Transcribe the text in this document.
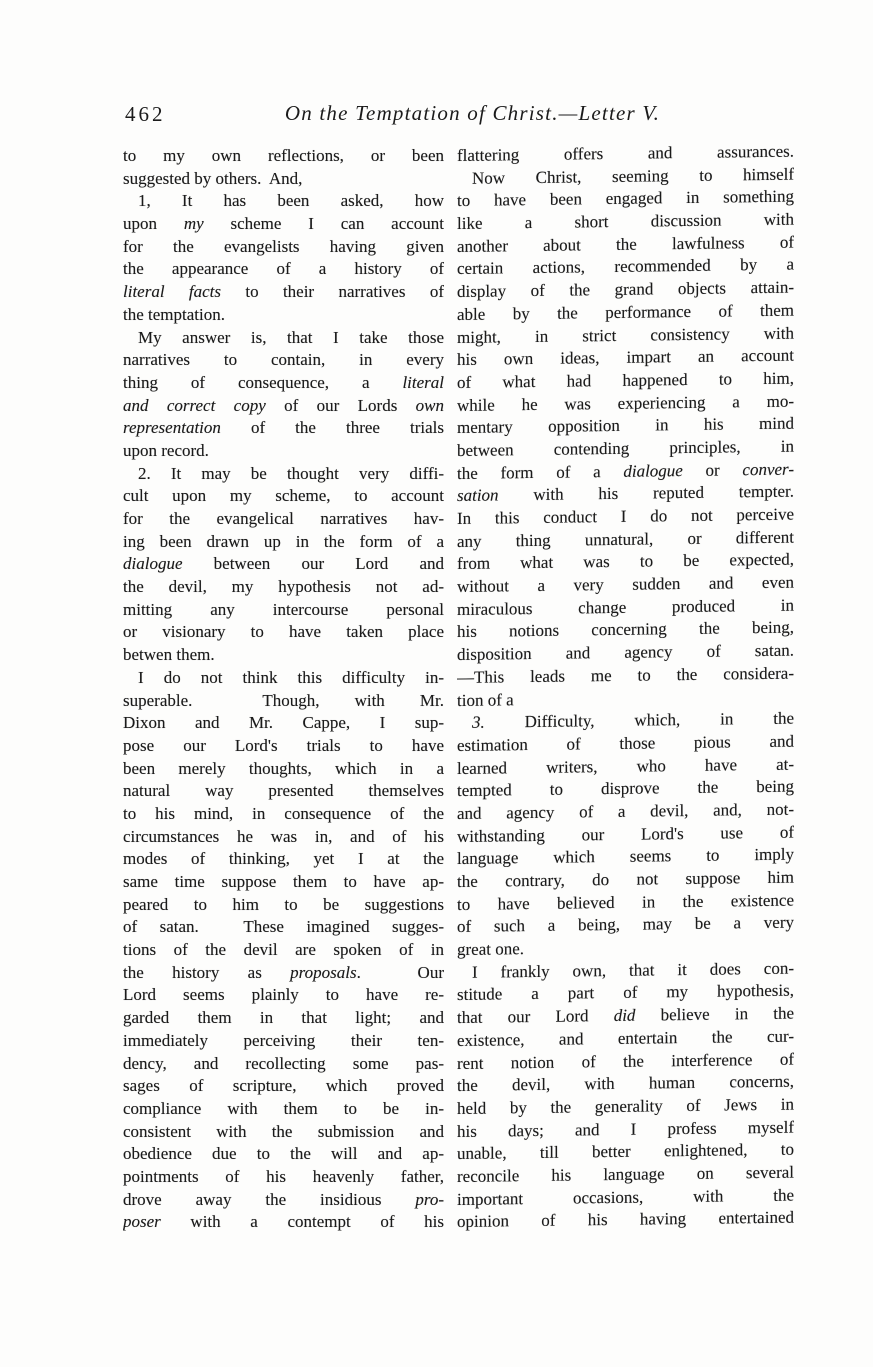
462	On the Temptation of Christ.—Letter V.
to my own reflections, or been
suggested by others.  And,
1, It has been asked, how
upon my scheme I can account
for the evangelists having given
the appearance of a history of
literal facts to their narratives of
the temptation.
My answer is, that I take those
narratives to contain, in every
thing of consequence, a literal
and correct copy of our Lords own
representation of the three trials
upon record.
2. It may be thought very diffi-
cult upon my scheme, to account
for the evangelical narratives hav-
ing been drawn up in the form of a
dialogue between our Lord and
the devil, my hypothesis not ad-
mitting any intercourse personal
or visionary to have taken place
betwen them.
I do not think this difficulty in-
superable.  Though, with Mr.
Dixon and Mr. Cappe, I sup-
pose our Lord's trials to have
been merely thoughts, which in a
natural way presented themselves
to his mind, in consequence of the
circumstances he was in, and of his
modes of thinking, yet I at the
same time suppose them to have ap-
peared to him to be suggestions
of satan.  These imagined sugges-
tions of the devil are spoken of in
the history as proposals.  Our
Lord seems plainly to have re-
garded them in that light; and
immediately perceiving their ten-
dency, and recollecting some pas-
sages of scripture, which proved
compliance with them to be in-
consistent with the submission and
obedience due to the will and ap-
pointments of his heavenly father,
drove away the insidious pro-
poser with a contempt of his
flattering offers and assurances.
Now Christ, seeming to himself
to have been engaged in something
like a short discussion with
another about the lawfulness of
certain actions, recommended by a
display of the grand objects attain-
able by the performance of them
might, in strict consistency with
his own ideas, impart an account
of what had happened to him,
while he was experiencing a mo-
mentary opposition in his mind
between contending principles, in
the form of a dialogue or conver-
sation with his reputed tempter.
In this conduct I do not perceive
any thing unnatural, or different
from what was to be expected,
without a very sudden and even
miraculous change produced in
his notions concerning the being,
disposition and agency of satan.
—This leads me to the considera-
tion of a
3. Difficulty, which, in the
estimation of those pious and
learned writers, who have at-
tempted to disprove the being
and agency of a devil, and, not-
withstanding our Lord's use of
language which seems to imply
the contrary, do not suppose him
to have believed in the existence
of such a being, may be a very
great one.
I frankly own, that it does con-
stitude a part of my hypothesis,
that our Lord did believe in the
existence, and entertain the cur-
rent notion of the interference of
the devil, with human concerns,
held by the generality of Jews in
his days; and I profess myself
unable, till better enlightened, to
reconcile his language on several
important occasions, with the
opinion of his having entertained
